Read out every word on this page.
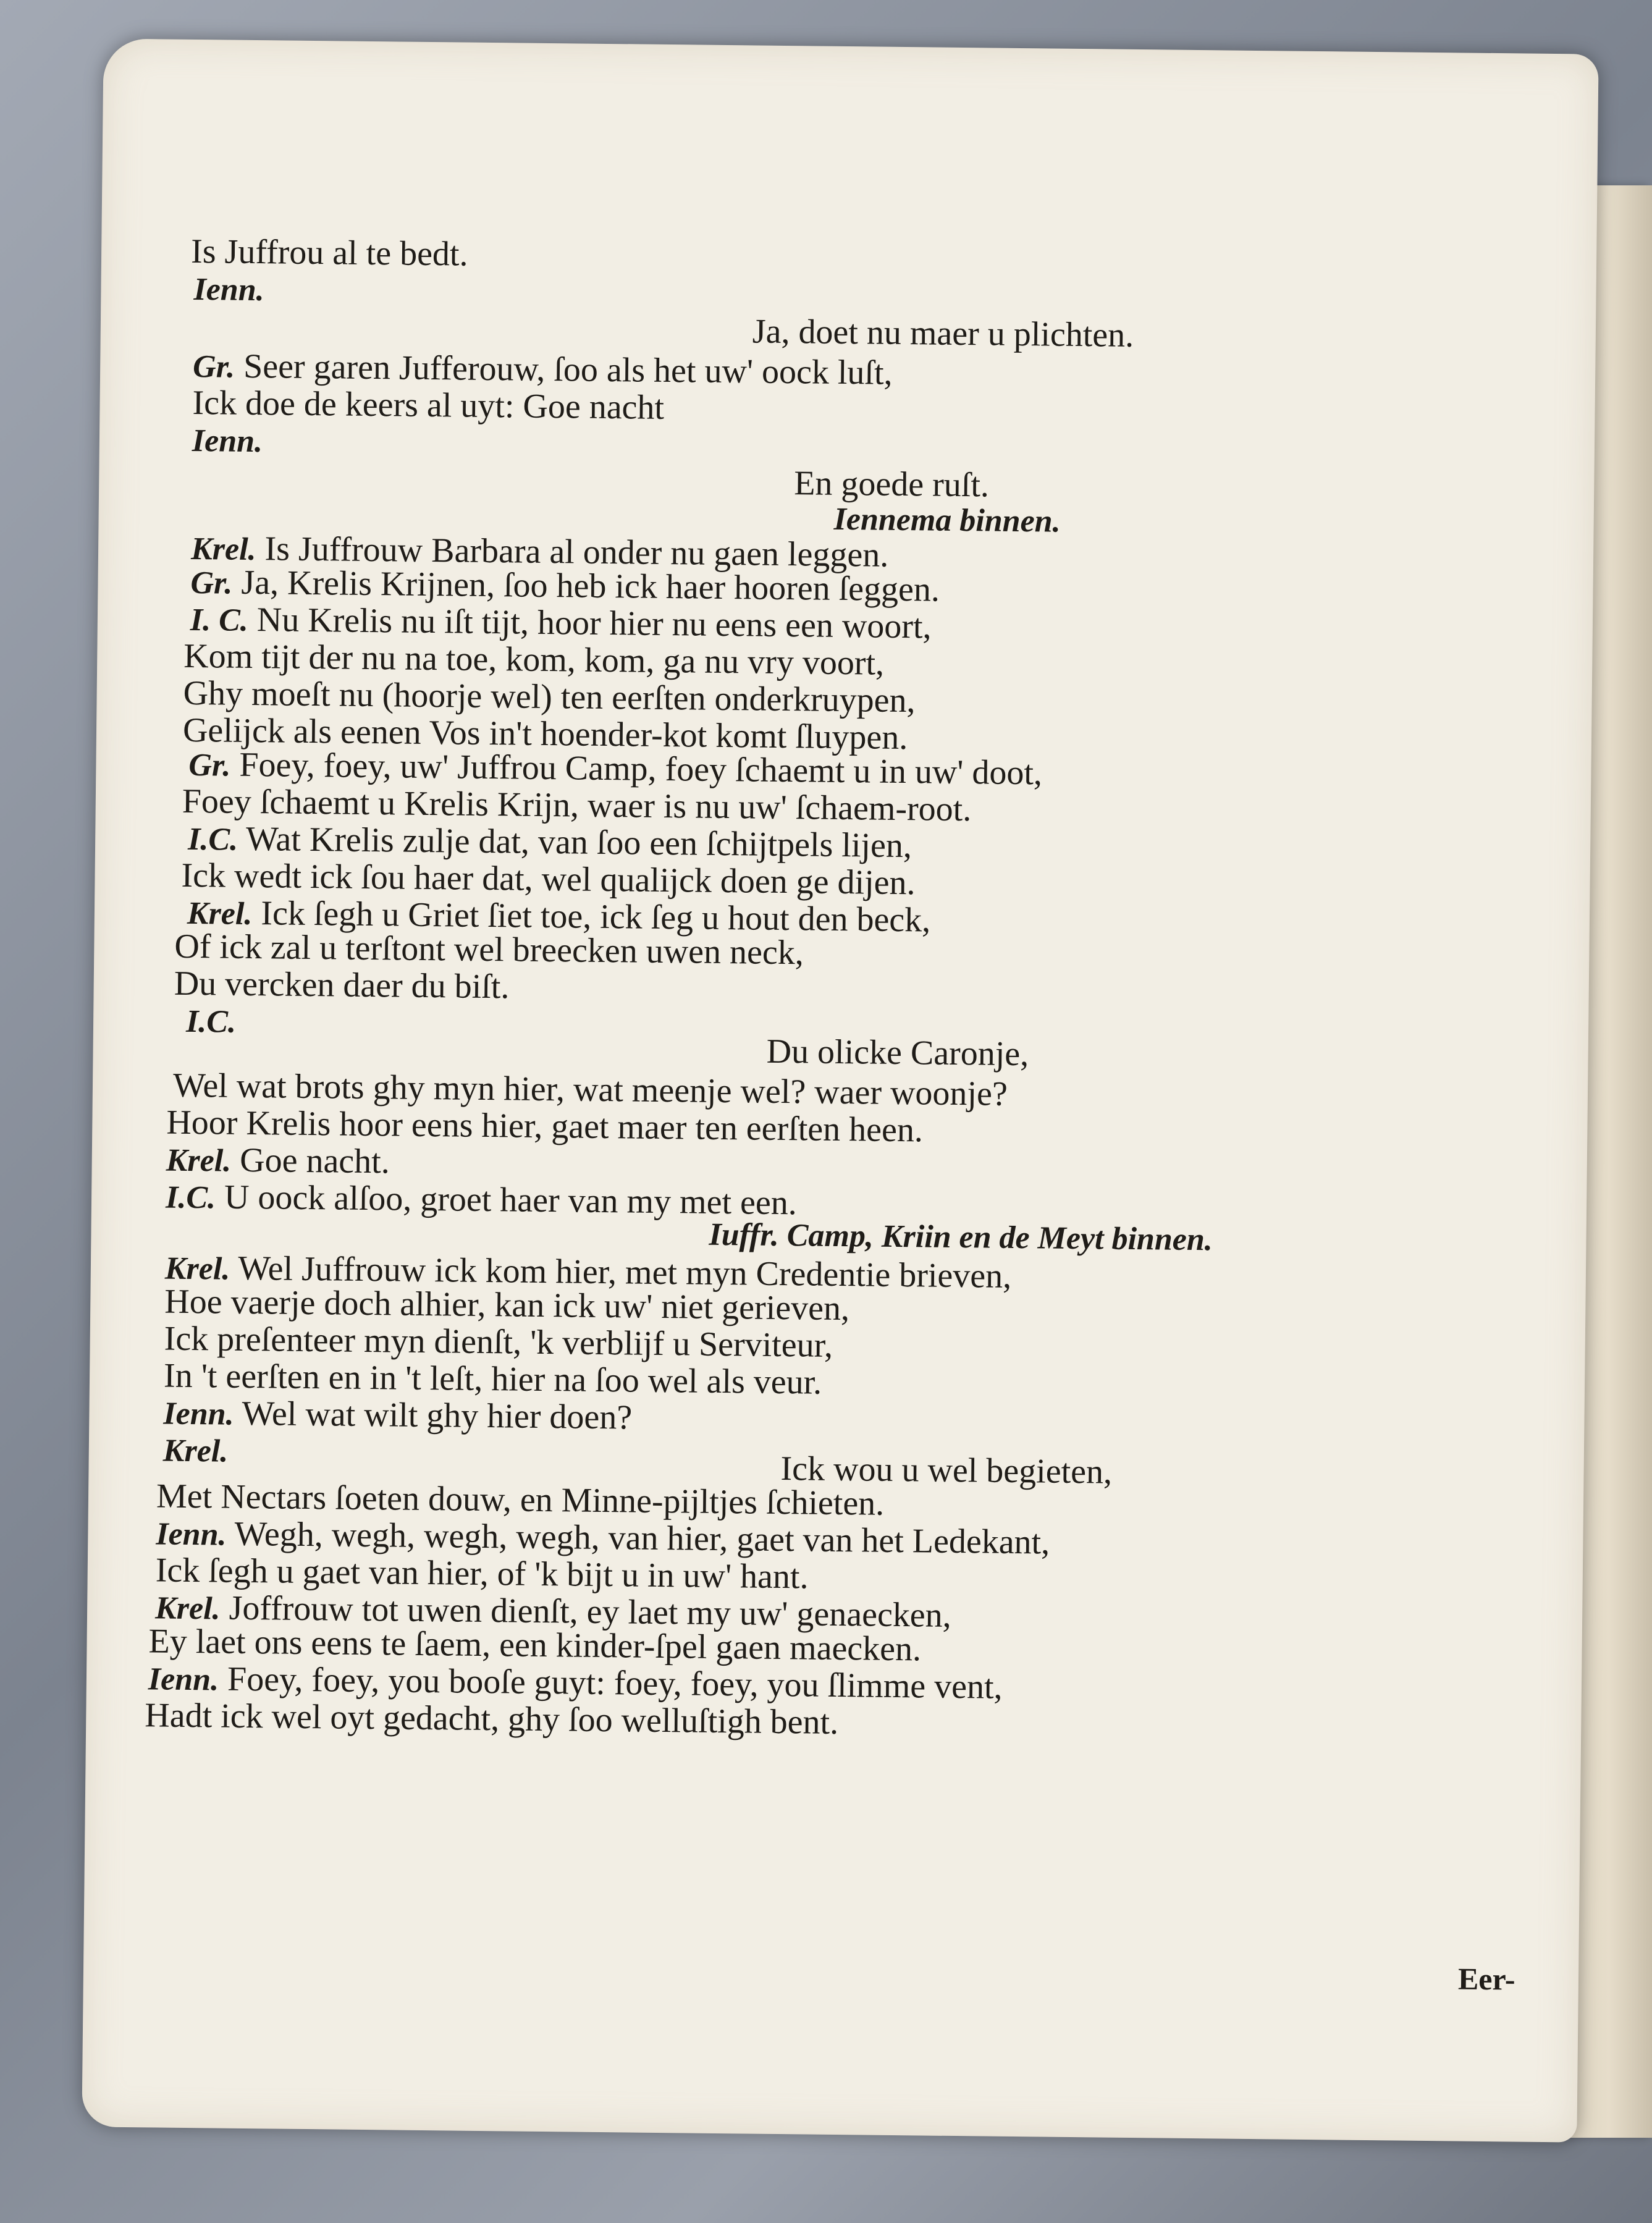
Is Juffrou al te bedt.
Ienn.
Ja, doet nu maer u plichten.
Gr. Seer garen Jufferouw, ſoo als het uw' oock luſt,
Ick doe de keers al uyt: Goe nacht
Ienn.
En goede ruſt.
Iennema binnen.
Krel. Is Juffrouw Barbara al onder nu gaen leggen.
Gr. Ja, Krelis Krijnen, ſoo heb ick haer hooren ſeggen.
I. C. Nu Krelis nu iſt tijt, hoor hier nu eens een woort,
Kom tijt der nu na toe, kom, kom, ga nu vry voort,
Ghy moeſt nu (hoorje wel) ten eerſten onderkruypen,
Gelijck als eenen Vos in't hoender-kot komt ſluypen.
Gr. Foey, foey, uw' Juffrou Camp, foey ſchaemt u in uw' doot,
Foey ſchaemt u Krelis Krijn, waer is nu uw' ſchaem-root.
I.C. Wat Krelis zulje dat, van ſoo een ſchijtpels lijen,
Ick wedt ick ſou haer dat, wel qualijck doen ge dijen.
Krel. Ick ſegh u Griet ſiet toe, ick ſeg u hout den beck,
Of ick zal u terſtont wel breecken uwen neck,
Du vercken daer du biſt.
I.C.
Du olicke Caronje,
Wel wat brots ghy myn hier, wat meenje wel? waer woonje?
Hoor Krelis hoor eens hier, gaet maer ten eerſten heen.
Krel. Goe nacht.
I.C. U oock alſoo, groet haer van my met een.
Iuffr. Camp, Kriin en de Meyt binnen.
Krel. Wel Juffrouw ick kom hier, met myn Credentie brieven,
Hoe vaerje doch alhier, kan ick uw' niet gerieven,
Ick preſenteer myn dienſt, 'k verblijf u Serviteur,
In 't eerſten en in 't leſt, hier na ſoo wel als veur.
Ienn. Wel wat wilt ghy hier doen?
Krel.	Ick wou u wel begieten,
Met Nectars ſoeten douw, en Minne-pijltjes ſchieten.
Ienn. Wegh, wegh, wegh, wegh, van hier, gaet van het Ledekant,
Ick ſegh u gaet van hier, of 'k bijt u in uw' hant.
Krel. Joffrouw tot uwen dienſt, ey laet my uw' genaecken,
Ey laet ons eens te ſaem, een kinder-ſpel gaen maecken.
Ienn. Foey, foey, you booſe guyt: foey, foey, you ſlimme vent,
Hadt ick wel oyt gedacht, ghy ſoo welluſtigh bent.
Eer-
